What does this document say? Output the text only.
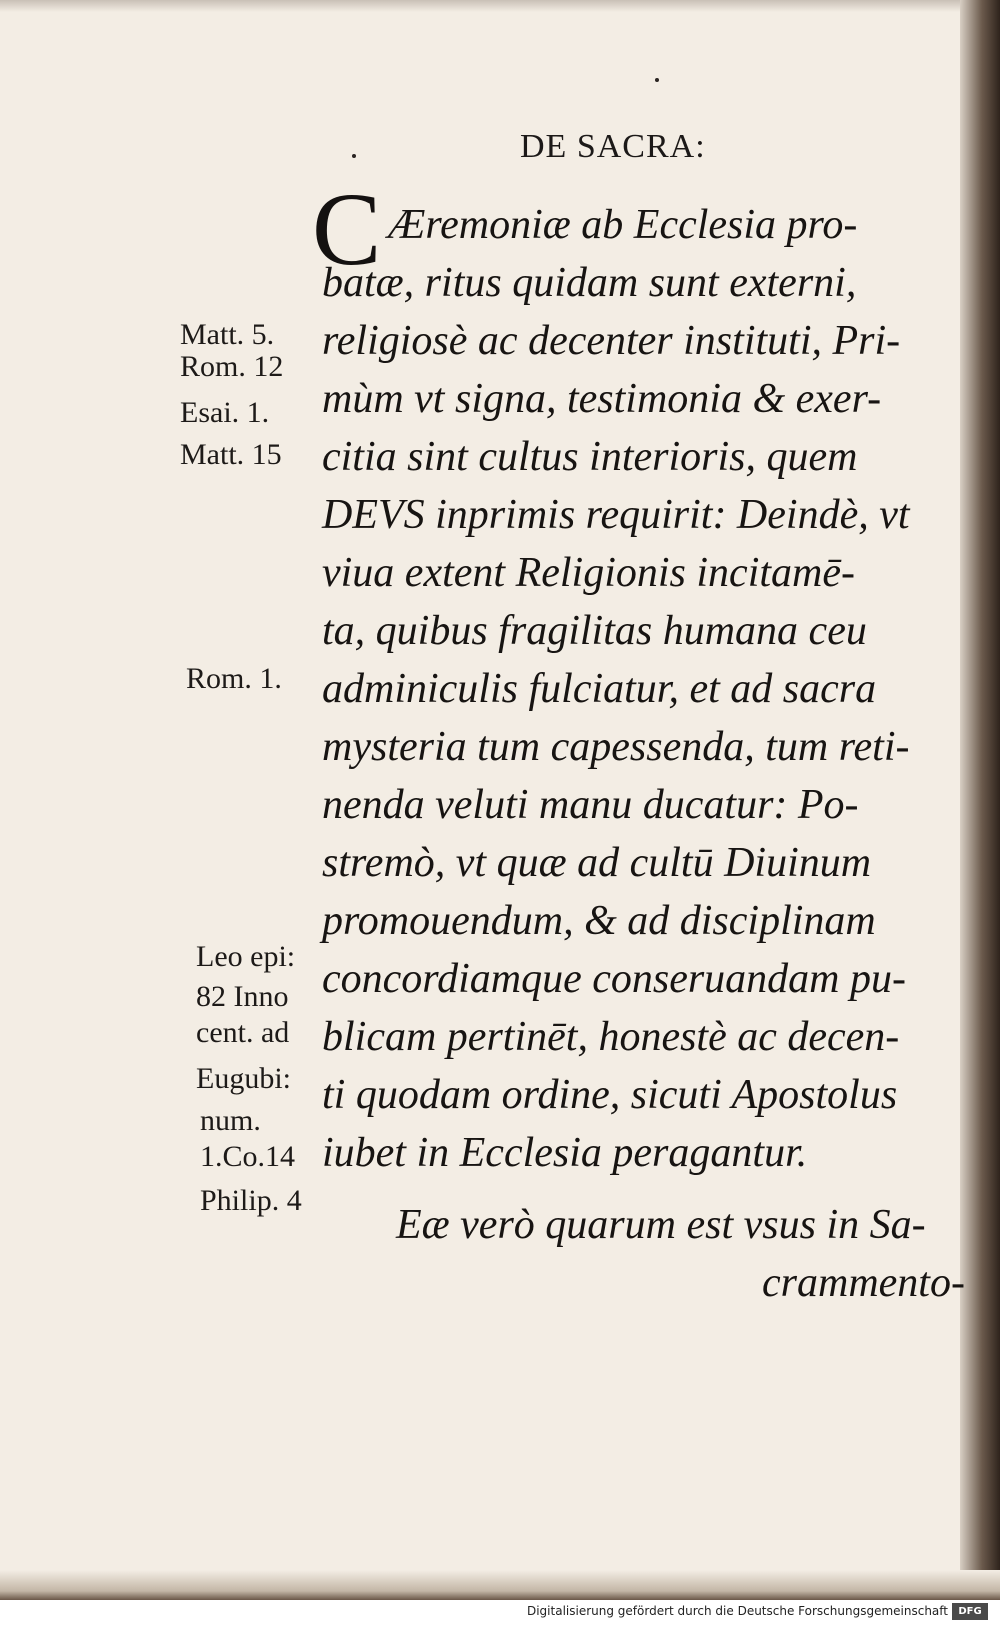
DE SACRA:
C Æremoniæ ab Ecclesia pro-
batæ, ritus quidam sunt externi,
religiosè ac decenter instituti, Pri-
mùm vt signa, testimonia & exer-
citia sint cultus interioris, quem
DEVS inprimis requirit: Deindè, vt
viua extent Religionis incitamē-
ta, quibus fragilitas humana ceu
adminiculis fulciatur, et ad sacra
mysteria tum capessenda, tum reti-
nenda veluti manu ducatur: Po-
stremò, vt quæ ad cultū Diuinum
promouendum, & ad disciplinam
concordiamque conseruandam pu-
blicam pertinēt, honestè ac decen-
ti quodam ordine, sicuti Apostolus
iubet in Ecclesia peragantur.
Eæ verò quarum est vsus in Sa-
crammento-
Matt. 5.
Rom. 12
Esai. 1.
Matt. 15
Rom. 1.
Leo epi:
82 Inno
cent. ad
Eugubi:
num.
1.Co.14
Philip. 4
Digitalisierung gefördert durch die Deutsche Forschungsgemeinschaft	DFG
